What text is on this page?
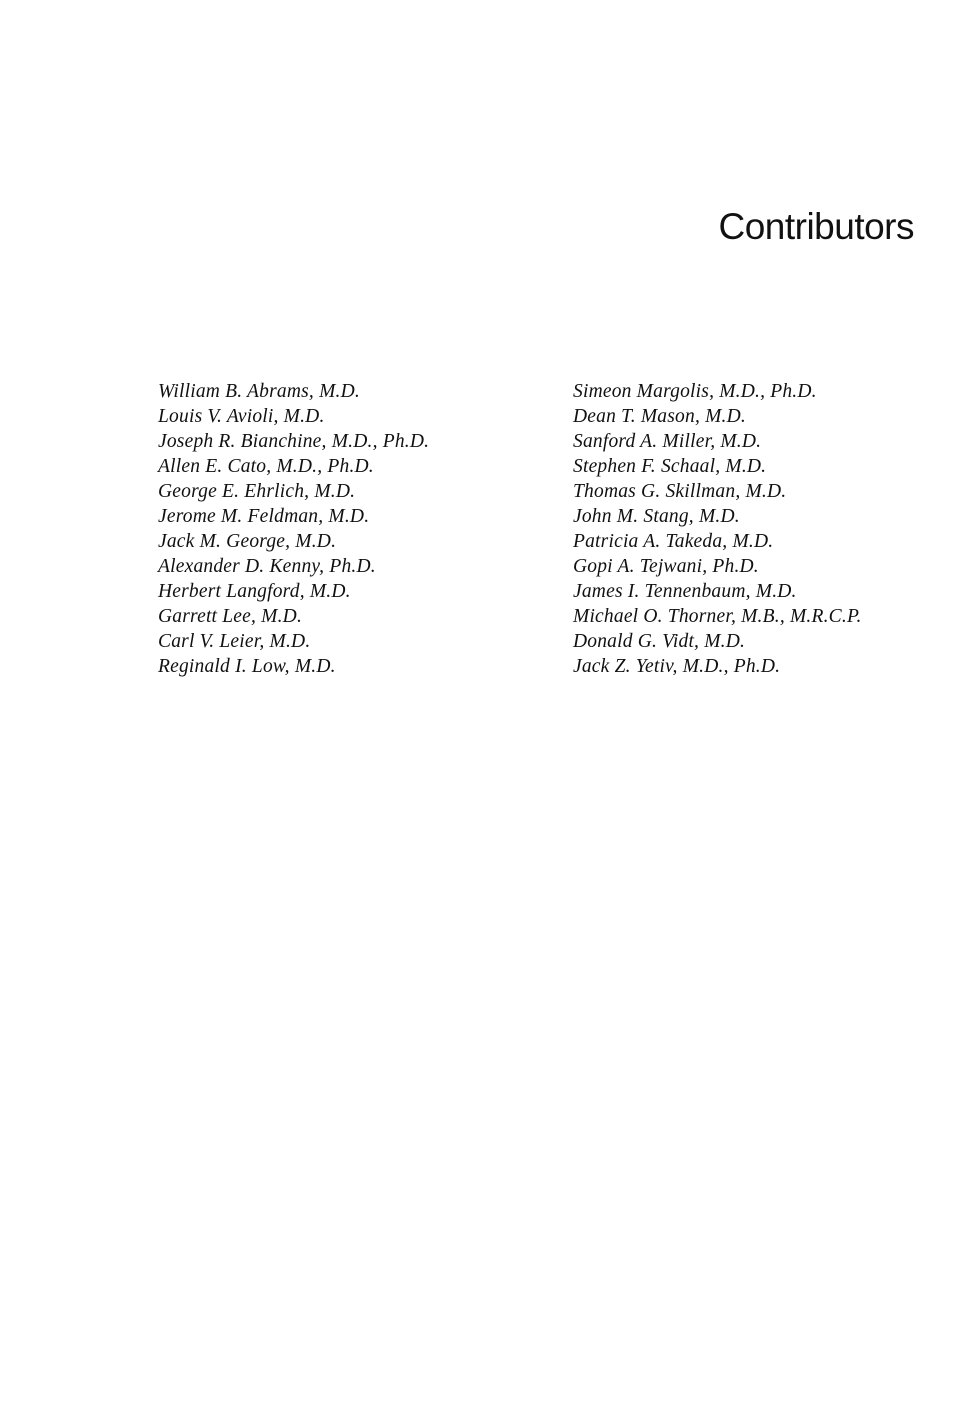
Contributors
William B. Abrams, M.D.
Louis V. Avioli, M.D.
Joseph R. Bianchine, M.D., Ph.D.
Allen E. Cato, M.D., Ph.D.
George E. Ehrlich, M.D.
Jerome M. Feldman, M.D.
Jack M. George, M.D.
Alexander D. Kenny, Ph.D.
Herbert Langford, M.D.
Garrett Lee, M.D.
Carl V. Leier, M.D.
Reginald I. Low, M.D.
Simeon Margolis, M.D., Ph.D.
Dean T. Mason, M.D.
Sanford A. Miller, M.D.
Stephen F. Schaal, M.D.
Thomas G. Skillman, M.D.
John M. Stang, M.D.
Patricia A. Takeda, M.D.
Gopi A. Tejwani, Ph.D.
James I. Tennenbaum, M.D.
Michael O. Thorner, M.B., M.R.C.P.
Donald G. Vidt, M.D.
Jack Z. Yetiv, M.D., Ph.D.
